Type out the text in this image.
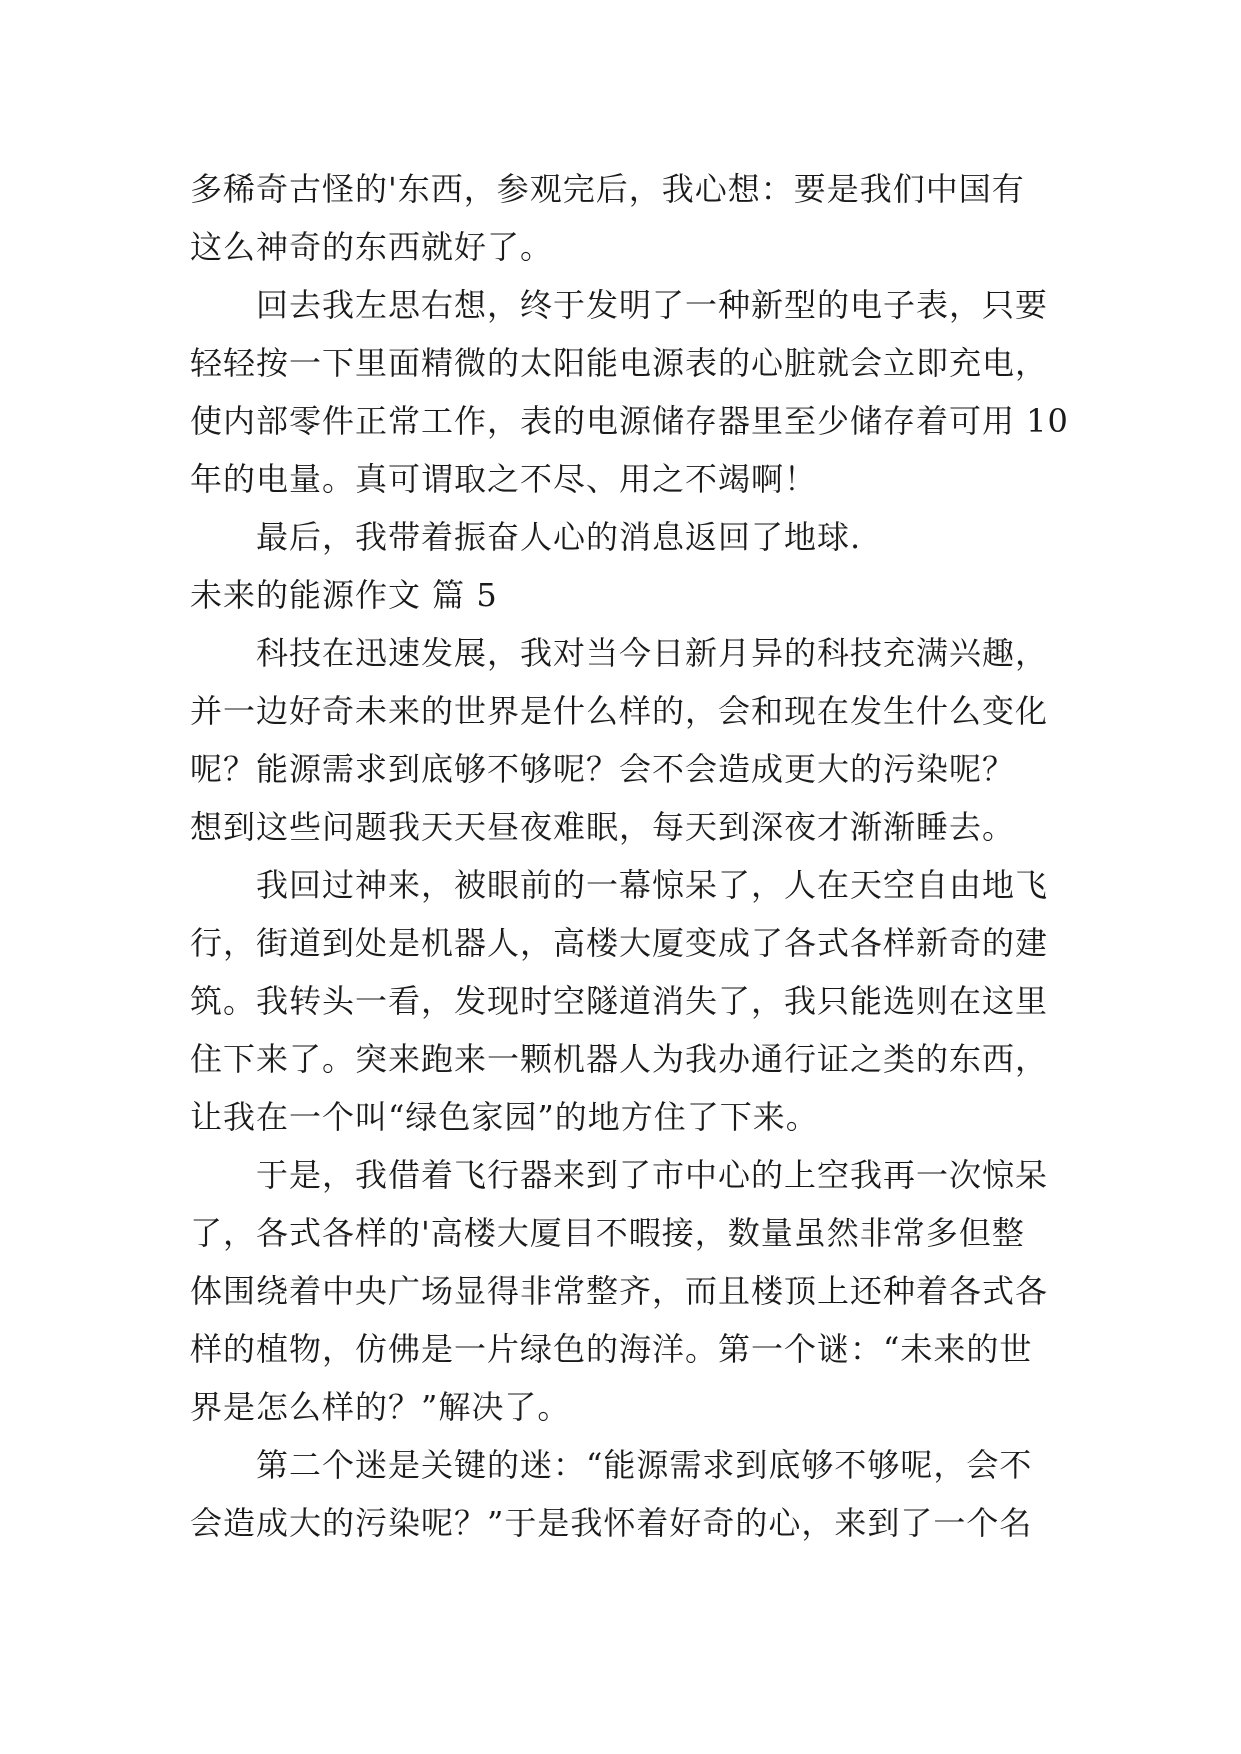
多稀奇古怪的'东西，参观完后，我心想：要是我们中国有
这么神奇的东西就好了。
回去我左思右想，终于发明了一种新型的电子表，只要
轻轻按一下里面精微的太阳能电源表的心脏就会立即充电，
使内部零件正常工作，表的电源储存器里至少储存着可用 10
年的电量。真可谓取之不尽、用之不竭啊！
最后，我带着振奋人心的消息返回了地球.
未来的能源作文 篇 5
科技在迅速发展，我对当今日新月异的科技充满兴趣，
并一边好奇未来的世界是什么样的，会和现在发生什么变化
呢？能源需求到底够不够呢？会不会造成更大的污染呢？
想到这些问题我天天昼夜难眠，每天到深夜才渐渐睡去。
我回过神来，被眼前的一幕惊呆了，人在天空自由地飞
行，街道到处是机器人，高楼大厦变成了各式各样新奇的建
筑。我转头一看，发现时空隧道消失了，我只能选则在这里
住下来了。突来跑来一颗机器人为我办通行证之类的东西，
让我在一个叫“绿色家园”的地方住了下来。
于是，我借着飞行器来到了市中心的上空我再一次惊呆
了，各式各样的'高楼大厦目不暇接，数量虽然非常多但整
体围绕着中央广场显得非常整齐，而且楼顶上还种着各式各
样的植物，仿佛是一片绿色的海洋。第一个谜：“未来的世
界是怎么样的？”解决了。
第二个迷是关键的迷：“能源需求到底够不够呢，会不
会造成大的污染呢？”于是我怀着好奇的心，来到了一个名
